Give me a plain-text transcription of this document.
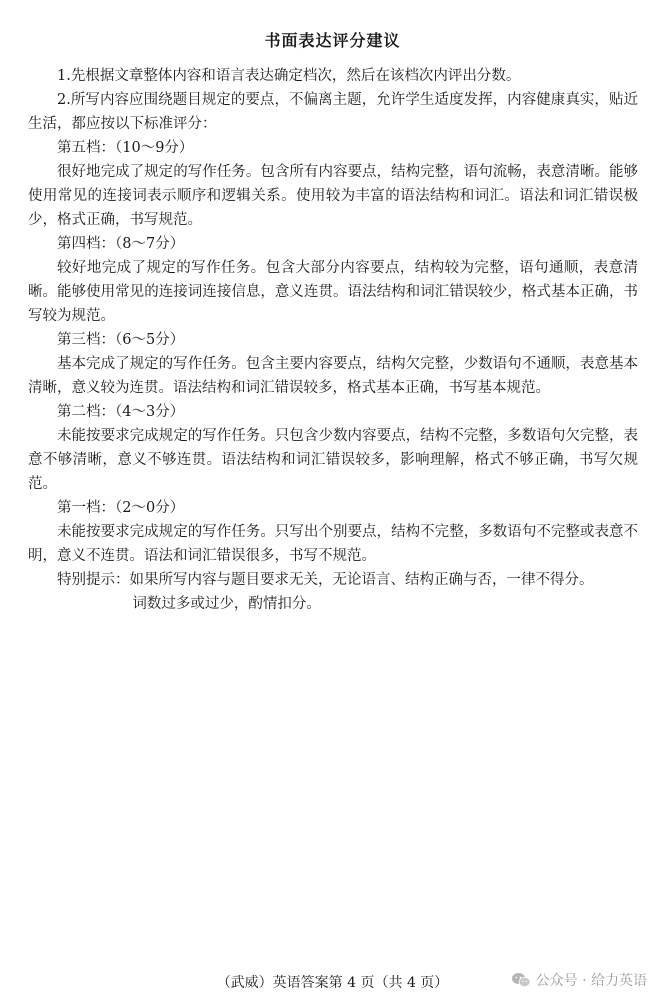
书面表达评分建议

1.先根据文章整体内容和语言表达确定档次，然后在该档次内评出分数。

2.所写内容应围绕题目规定的要点，不偏离主题，允许学生适度发挥，内容健康真实，贴近生活，都应按以下标准评分：

第五档：（10～9分）

很好地完成了规定的写作任务。包含所有内容要点，结构完整，语句流畅，表意清晰。能够使用常见的连接词表示顺序和逻辑关系。使用较为丰富的语法结构和词汇。语法和词汇错误极少，格式正确，书写规范。

第四档：（8～7分）

较好地完成了规定的写作任务。包含大部分内容要点，结构较为完整，语句通顺，表意清晰。能够使用常见的连接词连接信息，意义连贯。语法结构和词汇错误较少，格式基本正确，书写较为规范。

第三档：（6～5分）

基本完成了规定的写作任务。包含主要内容要点，结构欠完整，少数语句不通顺，表意基本清晰，意义较为连贯。语法结构和词汇错误较多，格式基本正确，书写基本规范。

第二档：（4～3分）

未能按要求完成规定的写作任务。只包含少数内容要点，结构不完整，多数语句欠完整，表意不够清晰，意义不够连贯。语法结构和词汇错误较多，影响理解，格式不够正确，书写欠规范。

第一档：（2～0分）

未能按要求完成规定的写作任务。只写出个别要点，结构不完整，多数语句不完整或表意不明，意义不连贯。语法和词汇错误很多，书写不规范。

特别提示： 如果所写内容与题目要求无关，无论语言、结构正确与否，一律不得分。
词数过多或过少，酌情扣分。
（武威）英语答案第 4 页（共 4 页）	公众号 · 给力英语
